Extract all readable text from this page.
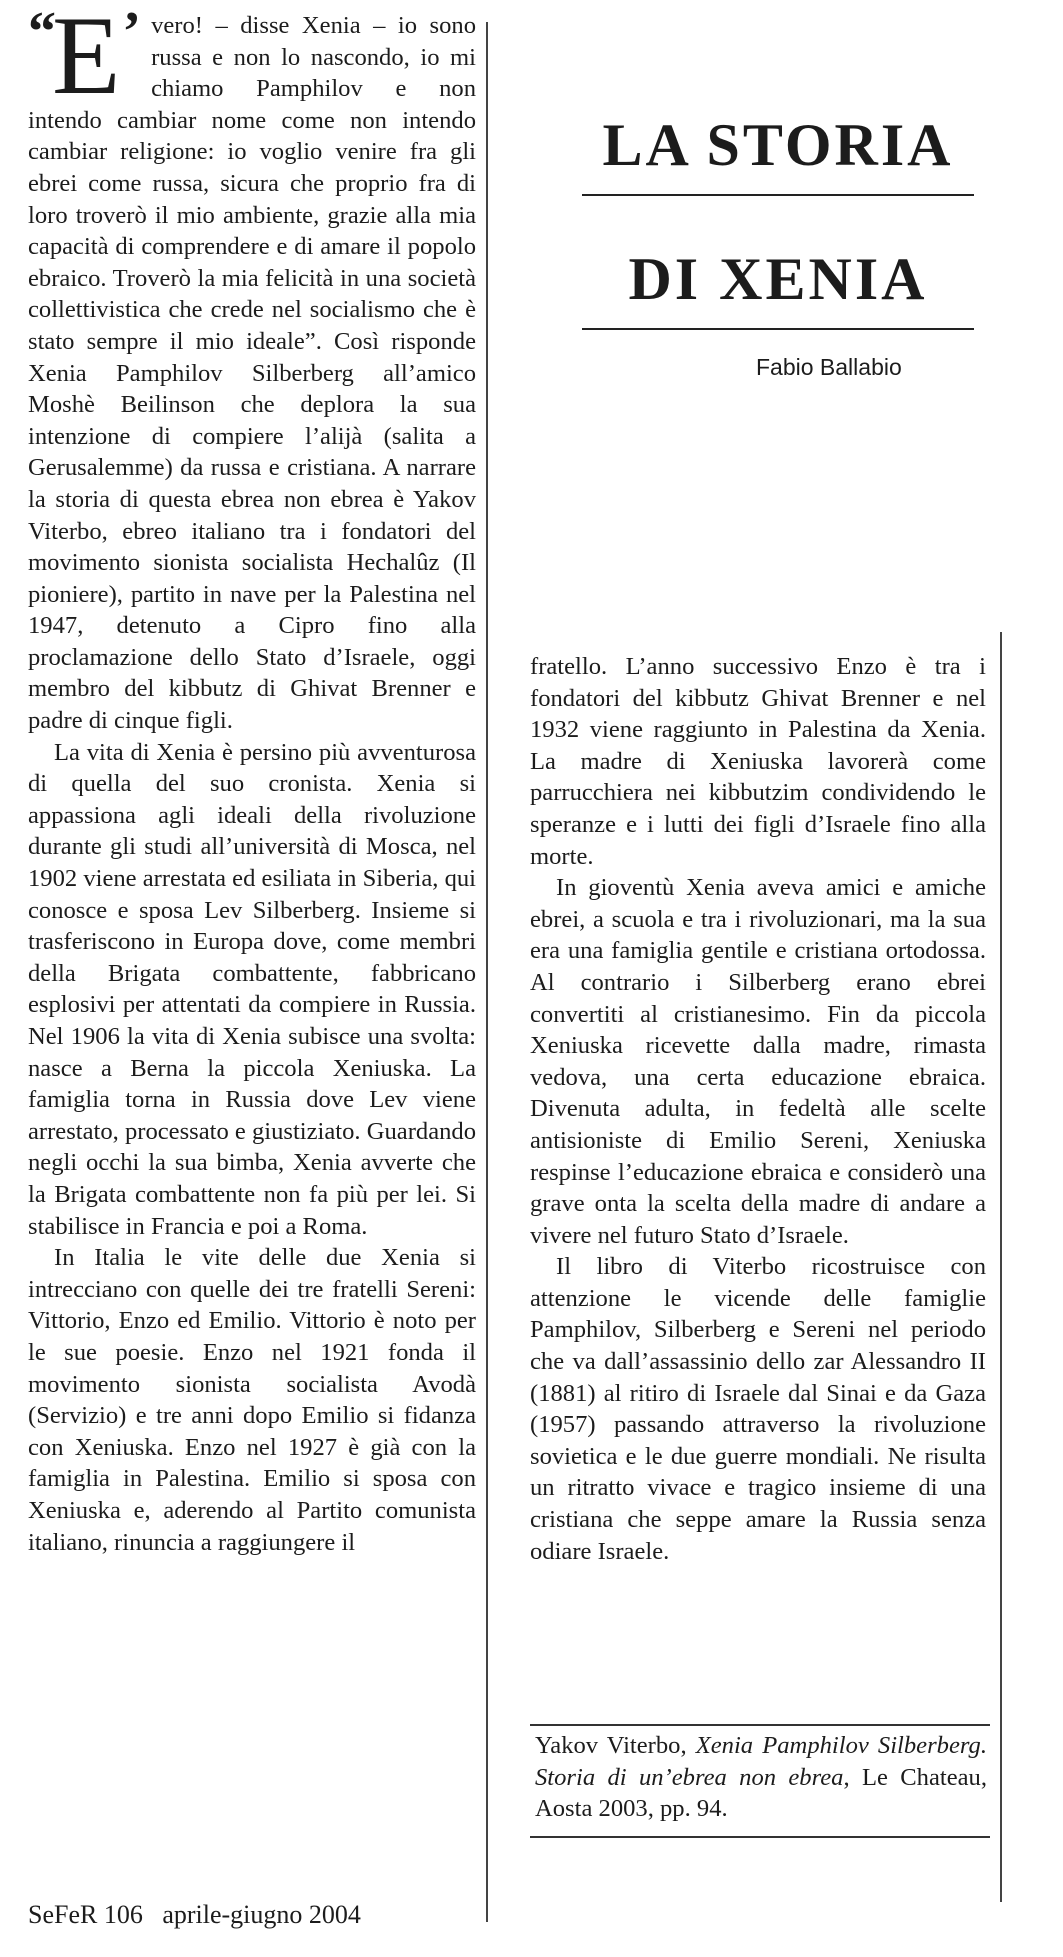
“ E ’ vero! – disse Xenia – io sono russa e non lo nascondo, io mi chiamo Pamphilov e non intendo cambiar nome come non intendo cambiar religione: io voglio venire fra gli ebrei come russa, sicura che proprio fra di loro troverò il mio ambiente, grazie alla mia capacità di comprendere e di amare il popolo ebraico. Troverò la mia felicità in una società collettivistica che crede nel socialismo che è stato sempre il mio ideale”. Così risponde Xenia Pamphilov Silberberg all’amico Moshè Beilinson che deplora la sua intenzione di compiere l’alijà (salita a Gerusalemme) da russa e cristiana. A narrare la storia di questa ebrea non ebrea è Yakov Viterbo, ebreo italiano tra i fondatori del movimento sionista socialista Hechalûz (Il pioniere), partito in nave per la Palestina nel 1947, detenuto a Cipro fino alla proclamazione dello Stato d’Israele, oggi membro del kibbutz di Ghivat Brenner e padre di cinque figli.

La vita di Xenia è persino più avventurosa di quella del suo cronista. Xenia si appassiona agli ideali della rivoluzione durante gli studi all’università di Mosca, nel 1902 viene arrestata ed esiliata in Siberia, qui conosce e sposa Lev Silberberg. Insieme si trasferiscono in Europa dove, come membri della Brigata combattente, fabbricano esplosivi per attentati da compiere in Russia. Nel 1906 la vita di Xenia subisce una svolta: nasce a Berna la piccola Xeniuska. La famiglia torna in Russia dove Lev viene arrestato, processato e giustiziato. Guardando negli occhi la sua bimba, Xenia avverte che la Brigata combattente non fa più per lei. Si stabilisce in Francia e poi a Roma.

In Italia le vite delle due Xenia si intrecciano con quelle dei tre fratelli Sereni: Vittorio, Enzo ed Emilio. Vittorio è noto per le sue poesie. Enzo nel 1921 fonda il movimento sionista socialista Avodà (Servizio) e tre anni dopo Emilio si fidanza con Xeniuska. Enzo nel 1927 è già con la famiglia in Palestina. Emilio si sposa con Xeniuska e, aderendo al Partito comunista italiano, rinuncia a raggiungere il

LA STORIA
DI XENIA
Fabio Ballabio

fratello. L’anno successivo Enzo è tra i fondatori del kibbutz Ghivat Brenner e nel 1932 viene raggiunto in Palestina da Xenia. La madre di Xeniuska lavorerà come parrucchiera nei kibbutzim condividendo le speranze e i lutti dei figli d’Israele fino alla morte.

In gioventù Xenia aveva amici e amiche ebrei, a scuola e tra i rivoluzionari, ma la sua era una famiglia gentile e cristiana ortodossa. Al contrario i Silberberg erano ebrei convertiti al cristianesimo. Fin da piccola Xeniuska ricevette dalla madre, rimasta vedova, una certa educazione ebraica. Divenuta adulta, in fedeltà alle scelte antisioniste di Emilio Sereni, Xeniuska respinse l’educazione ebraica e considerò una grave onta la scelta della madre di andare a vivere nel futuro Stato d’Israele.

Il libro di Viterbo ricostruisce con attenzione le vicende delle famiglie Pamphilov, Silberberg e Sereni nel periodo che va dall’assassinio dello zar Alessandro II (1881) al ritiro di Israele dal Sinai e da Gaza (1957) passando attraverso la rivoluzione sovietica e le due guerre mondiali. Ne risulta un ritratto vivace e tragico insieme di una cristiana che seppe amare la Russia senza odiare Israele.

Yakov Viterbo, Xenia Pamphilov Silberberg. Storia di un’ebrea non ebrea, Le Chateau, Aosta 2003, pp. 94.
SeFeR 106   aprile-giugno 2004
